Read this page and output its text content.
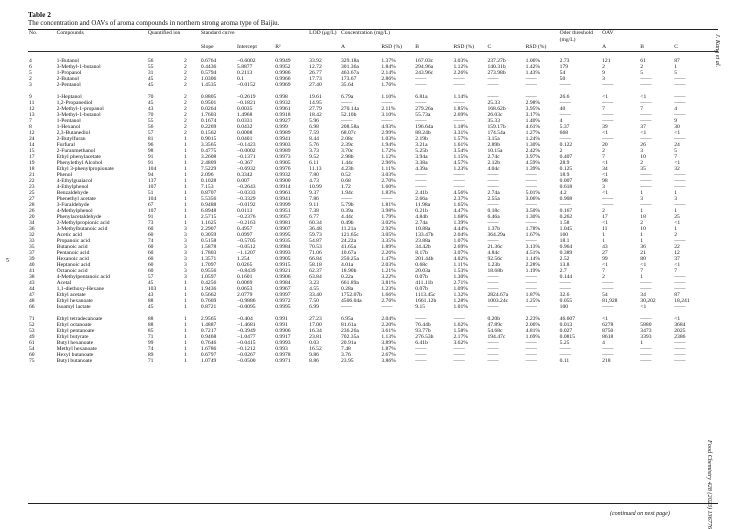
Table 2
The concentration and OAVs of aroma compounds in northern strong aroma type of Baijiu.
No.	Compounds	Quantified ion		Standard curve			LOD (μg/L)	Concentration (mg/L)						Oder threshold (mg/L)	OAV		
				Slope	Intercept	R²		A	RSD (%)	B	RSD (%)	C	RSD (%)		A	B	C

4	1-Butanol	56	2	0.6764	−0.6002	0.9949	33.92	329.18a	1.37%	167.03c	3.03%	237.27b	1.06%	2.73	121	61	87
6	3-Methyl-1-butanol	55	2	0.4436	5.8877	0.9952	12.72	301.36a	1.84%	294.96a	1.12%	140.31b	1.42%	179	2	2	1
5	1-Propanol	31	2	0.5794	0.2113	0.9986	26.77	463.67a	2.14%	243.96c	2.26%	273.98b	1.43%	54	9	5	5
2	2-Butanol	45	2	1.0306	0.1	0.9966	17.73	173.67	2.86%	——	——	——	——	50	3	——	——
3	2-Pentanol	45	2	1.4535	−0.0152	0.9969	27.40	35.64	1.76%	——	——	——	——	——	——	——	——

9	1-Heptanol	70	2	0.8805	−0.2619	0.998	19.61	6.79a	1.10%	6.81a	1.14%	——	——	26.6	<1	<1	——
11	1,2-Propanediol	45	2	0.9501	−0.1821	0.9932	14.95	——	——	——	——	25.33	2.98%	——	——	——	——
12	2-Methyl-1-propanol	43	2	0.0264	0.0035	0.9961	27.79	270.14a	2.11%	279.26a	1.85%	168.62b	3.95%	40	7	7	4
13	3-Methyl-1-butanol	70	2	1.7603	1.4968	0.9918	18.42	52.10b	3.10%	55.73a	2.69%	26.03c	3.17%	——	——	——	——
7	1-Pentanol	55	2	0.1674	0.0331	0.9927	5.96	——	——	——	——	35.33	1.40%	4	——	——	9
8	1-Hexanol	56	2	0.2269	0.0432	0.999	6.98	208.58a	4.93%	196.64a	1.18%	159.17b	4.61%	5.37	39	37	30
12	2,3-Butanediol	57	2	0.1562	0.0008	0.9989	7.59	68.07c	2.99%	88.24b	3.31%	174.54a	1.27%	668	<1	<1	<1
24	2-Butylfuran	81	1	0.9015	0.0401	0.9941	8.44	2.08c	1.03%	2.19b	1.57%	3.15a	1.24%	——	——	——	——
14	Furfural	96	1	3.3565	−0.1423	0.9903	5.76	2.39c	1.94%	3.21a	1.61%	2.89b	1.30%	0.122	20	26	24
15	2-Furanmethanol	98	1	0.4775	−0.0002	0.9989	3.73	3.70c	1.72%	5.25b	3.54%	10.15a	2.42%	2	2	3	5
17	Ethyl phenylacetate	91	1	3.2608	−0.1371	0.9973	9.52	2.98b	1.12%	3.94a	1.15%	2.74c	3.97%	0.407	7	10	7
19	Phenylethyl Alcohol	91	1	2.4809	−0.367	0.9905	6.11	1.44c	2.96%	3.38a	4.57%	2.12b	4.59%	28.9	<1	2	<1
18	Ethyl 3-phenylpropionate	104	1	7.5229	−0.6932	0.9976	11.13	4.23b	1.11%	4.39a	1.23%	4.04c	1.39%	0.125	34	35	32
21	Phenol	94	1	2.096	0.3342	0.9932	7.80	0.52	3.03%	——	——	——	——	18.9	<1	——	——
22	4-Ethylguaiacol	137	1	0.1028	0.007	0.9900	4.73	0.68	2.70%	——	——	——	——	0.007	98	——	——
23	4-Ethylphenol	107	1	7.153	−0.2643	0.9914	10.99	1.72	1.60%	——	——	——	——	0.618	3	——	——
25	Benzaldehyde	51	1	0.8707	−0.0333	0.9961	9.37	1.94c	1.83%	2.41b	4.56%	2.74a	5.01%	4.2	<1	1	1
27	Phenethyl acetate	104	1	5.5356	−0.3329	0.9941	7.86	——	——	2.66a	2.37%	2.55a	3.06%	0.908	——	3	3
28	3-Furaldehyde	67	1	0.9488	−0.0192	0.9999	9.11	5.79b	1.81%	11.98a	1.65%	——	——	——	——	——	——
26	4-Methylphenol	107	1	6.8948	0.0113	0.9951	7.38	0.39a	3.98%	0.21b	4.47%	0.18c	3.50%	0.167	2	1	1
20	Phenylacetaldehyde	91	1	2.5715	−0.2376	0.9957	6.77	4.44c	1.79%	4.84b	1.68%	6.46a	1.30%	0.262	17	18	25
34	2-Methylpropionic acid	73	1	1.1625	−0.2163	0.9981	60.34	0.49b	3.02%	2.74a	1.39%	——	——	1.58	<1	2	<1
36	3-Methylbutanoic acid	60	3	2.2907	0.4957	0.9907	36.48	11.21a	2.92%	10.88a	4.44%	1.37b	1.78%	1.045	11	10	1
32	Acetic acid	60	3	0.3059	0.0997	0.9995	59.73	121.65c	3.05%	133.47b	2.04%	364.29a	1.67%	160	1	1	2
33	Propanoic acid	74	3	0.5158	−0.5705	0.9935	54.87	24.22a	3.35%	23.88a	1.07%	——	——	18.1	1	1	——
35	Butanoic acid	60	3	1.5878	−0.0512	0.9984	70.53	41.65a	1.89%	34.42b	2.69%	21.36c	3.13%	0.964	43	36	22
37	Pentanoic acid	60	3	1.7803	−1.1207	0.9993	71.06	10.67a	2.26%	8.17b	3.07%	4.84c	4.51%	0.389	27	21	12
39	Hexanoic acid	60	3	1.3571	1.254	0.9905	66.84	250.25a	1.47%	201.44b	4.02%	92.56c	1.14%	2.52	99	80	37
40	Heptanoic acid	60	3	1.7097	0.0265	0.9915	58.18	4.01a	2.03%	0.68c	1.11%	1.23b	2.28%	13.8	<1	<1	<1
41	Octanoic acid	60	3	0.9556	−0.8439	0.9921	62.37	18.90b	1.21%	20.03a	1.53%	18.68b	1.19%	2.7	7	7	7
38	4-Methylpentanoic acid	57	3	1.0597	0.1601	0.9906	63.84	0.22a	3.22%	0.07b	1.30%	——	——	0.144	2	1	——
43	Acetal	45	1	0.4256	0.0069	0.9984	3.23	661.89a	3.81%	411.11b	2.71%	——	——	——	——	——	——
44	1,1-diethoxy-Hexane	103	1	1.9436	0.0653	0.9967	4.55	0.28a	1.23%	0.07b	1.09%	——	——	——	——	——	——
47	Ethyl acetate	43	1	0.5662	2.0779	0.9997	33.40	1752.07b	1.66%	1113.45c	1.32%	2824.67a	1.87%	32.6	54	34	87
48	Ethyl hexanoate	88	1	0.7669	−0.9886	0.9972	7.50	4506.04a	2.76%	1661.12b	1.28%	1003.24c	1.25%	0.055	81,928	30,202	18,241
66	Isoamyl lactate	45	1	0.8721	−0.0095	0.9995	6.99	——	——	9.15	1.01%	——	——	100	——	<1	——

71	Ethyl tetradecanoate	88	1	2.9565	−0.404	0.991	27.23	6.95a	2.04%	——	——	0.20b	2.23%	46.607	<1	——	<1
52	Ethyl octanoate	88	1	1.4887	−1.4681	0.991	17.00	81.61a	2.20%	76.44b	1.62%	47.89c	2.06%	0.013	6278	5880	3684
53	Ethyl pentanoate	85	1	0.7217	−0.3949	0.9906	16.34	236.26a	3.61%	93.77b	1.58%	54.68c	4.81%	0.027	8750	3473	2025
49	Ethyl butyrate	71	1	0.9468	−1.0477	0.9917	23.81	702.35a	1.13%	276.53b	2.17%	194.47c	1.69%	0.0815	8618	3393	2386
61	Butyl hexanoate	99	1	0.7646	−0.0415	0.9993	0.03	20.91a	3.89%	6.41b	3.62%	——	——	5.25	4	1	——
54	Methyl hexanoate	74	1	1.6786	−0.1212	0.993	16.52	7.48	1.87%	——	——	——	——	——	——	——	——
60	Hexyl butanoate	89	1	0.6797	−0.0267	0.9978	9.86	3.76	2.67%	——	——	——	——	——	——	——	——
75	Butyl butanoate	71	1	1.0749	−0.0500	0.9971	8.86	23.95	3.86%	——	——	——	——	0.11	218	——	——
5
J. Kang et al.
Food Chemistry 428 (2023) 136776
(continued on next page)
